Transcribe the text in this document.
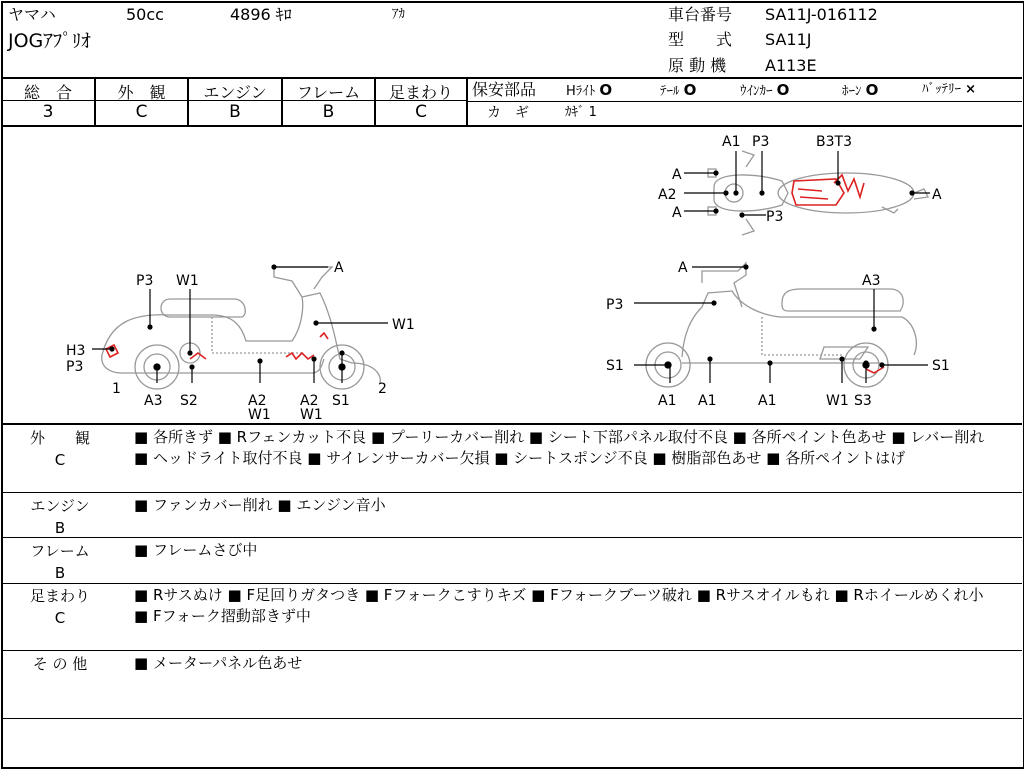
ヤマハ	50cc	4896 ｷﾛ	ｱｶ
JOGｱﾌﾟﾘｵ
車台番号 SA11J-016112
型　　式 SA11J
原 動 機 A113E
総　合	外　観	エンジン	フレーム	足まわり
3	C	B	B	C
保安部品 Hﾗｲﾄ O	ﾃｰﾙ O	ｳｲﾝｶｰ O	ﾎｰﾝ O	ﾊﾞｯﾃﾘｰ ×
カ　ギ	ｶｷﾞ 1
A
P3 W1
W1
H3
P3
1
A3 S2	A2
W1
A2
W1
S1
2
A
A3
P3
S1	S1
A1 A1	A1	W1 S3
A1 P3	B3T3
A
A2
A
A
P3
外　　観
C
■ 各所きず ■ Rフェンカット不良 ■ プーリーカバー削れ ■ シート下部パネル取付不良 ■ 各所ペイント色あせ ■ レバー削れ ■ ヘッドライト取付不良 ■ サイレンサーカバー欠損 ■ シートスポンジ不良 ■ 樹脂部色あせ ■ 各所ペイントはげ
エンジン
B
■ ファンカバー削れ ■ エンジン音小
フレーム
B
■ フレームさび中
足まわり
C
■ Rサスぬけ ■ F足回りガタつき ■ Fフォークこすりキズ ■ Fフォークブーツ破れ ■ Rサスオイルもれ ■ Rホイールめくれ小 ■ Fフォーク摺動部きず中
そ の 他	■ メーターパネル色あせ
